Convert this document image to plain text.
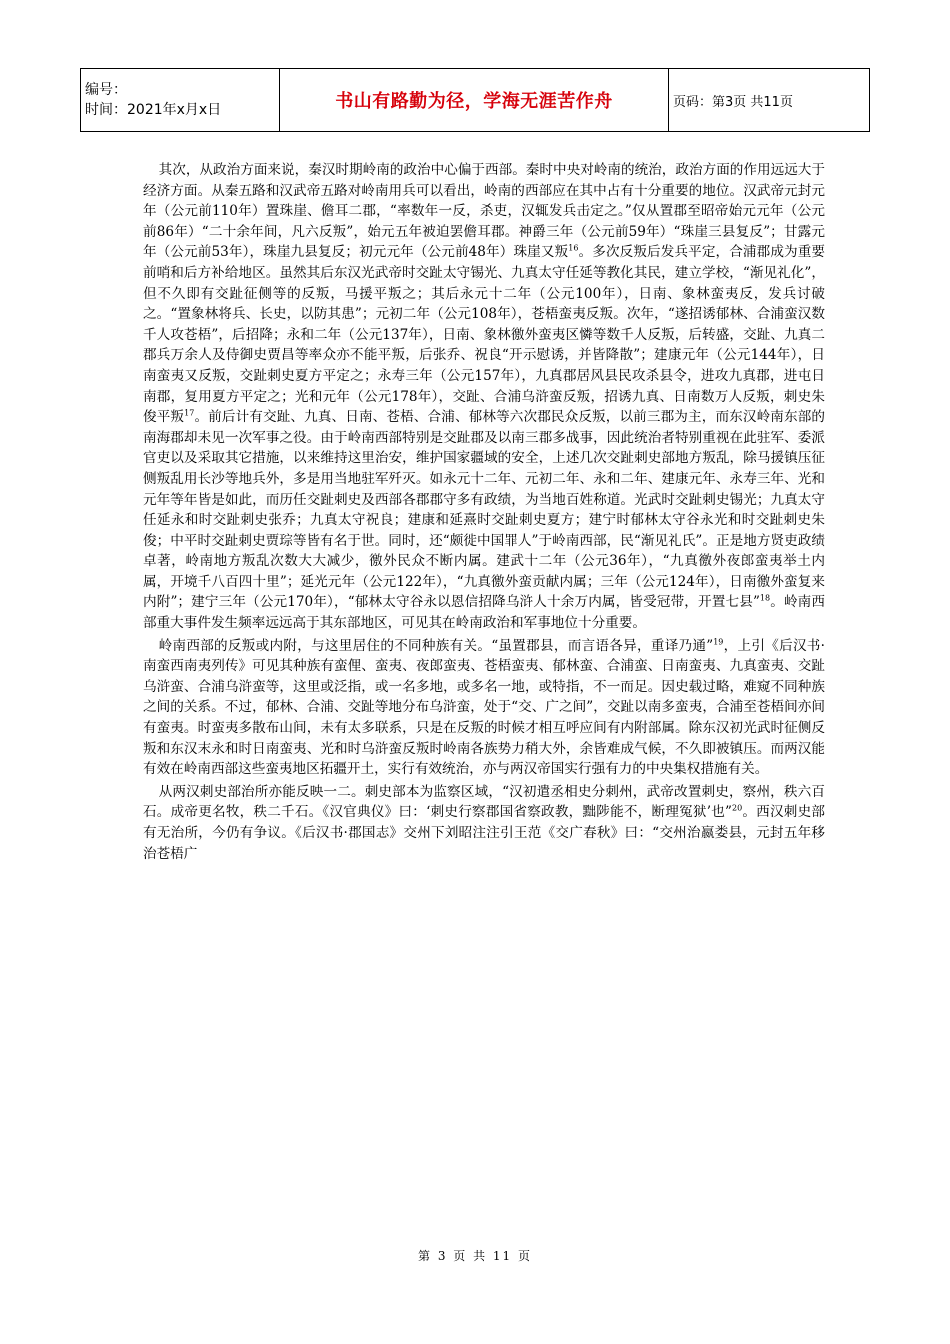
编号：
时间：2021年x月x日	书山有路勤为径，学海无涯苦作舟	页码：第3页 共11页

其次，从政治方面来说，秦汉时期岭南的政治中心偏于西部。秦时中央对岭南的统治，政治方面的作用远远大于经济方面。从秦五路和汉武帝五路对岭南用兵可以看出，岭南的西部应在其中占有十分重要的地位。汉武帝元封元年（公元前110年）置珠崖、儋耳二郡，“率数年一反，杀吏，汉辄发兵击定之。”仅从置郡至昭帝始元元年（公元前86年）“二十余年间，凡六反叛”，始元五年被迫罢儋耳郡。神爵三年（公元前59年）“珠崖三县复反”；甘露元年（公元前53年），珠崖九县复反；初元元年（公元前48年）珠崖又叛$^{16}$。多次反叛后发兵平定，合浦郡成为重要前哨和后方补给地区。虽然其后东汉光武帝时交趾太守锡光、九真太守任延等教化其民，建立学校，“渐见礼化”，但不久即有交趾征侧等的反叛，马援平叛之；其后永元十二年（公元100年），日南、象林蛮夷反，发兵讨破之。“置象林将兵、长史，以防其患”；元初二年（公元108年），苍梧蛮夷反叛。次年，“遂招诱郁林、合浦蛮汉数千人攻苍梧”，后招降；永和二年（公元137年），日南、象林徼外蛮夷区憐等数千人反叛，后转盛，交趾、九真二郡兵万余人及侍御史贾昌等率众亦不能平叛，后张乔、祝良“开示慰诱，并皆降散”；建康元年（公元144年），日南蛮夷又反叛，交趾刺史夏方平定之；永寿三年（公元157年），九真郡居风县民攻杀县令，进攻九真郡，进屯日南郡，复用夏方平定之；光和元年（公元178年），交趾、合浦乌浒蛮反叛，招诱九真、日南数万人反叛，刺史朱俊平叛$^{17}$。前后计有交趾、九真、日南、苍梧、合浦、郁林等六次郡民众反叛，以前三郡为主，而东汉岭南东部的南海郡却未见一次军事之役。由于岭南西部特别是交趾郡及以南三郡多战事，因此统治者特别重视在此驻军、委派官吏以及采取其它措施，以来维持这里治安，维护国家疆域的安全，上述几次交趾刺史部地方叛乱，除马援镇压征侧叛乱用长沙等地兵外，多是用当地驻军歼灭。如永元十二年、元初二年、永和二年、建康元年、永寿三年、光和元年等年皆是如此，而历任交趾刺史及西部各郡郡守多有政绩，为当地百姓称道。光武时交趾刺史锡光；九真太守任延永和时交趾刺史张乔；九真太守祝良；建康和延熹时交趾刺史夏方；建宁时郁林太守谷永光和时交趾刺史朱俊；中平时交趾刺史贾琮等皆有名于世。同时，还“颇徙中国罪人”于岭南西部，民“渐见礼氏”。正是地方贤吏政绩卓著，岭南地方叛乱次数大大减少，徼外民众不断内属。建武十二年（公元36年），“九真徼外夜郎蛮夷举土内属，开境千八百四十里”；延光元年（公元122年），“九真徼外蛮贡献内属；三年（公元124年），日南徼外蛮复来内附”；建宁三年（公元170年），“郁林太守谷永以恩信招降乌浒人十余万内属，皆受冠带，开置七县”$^{18}$。岭南西部重大事件发生频率远远高于其东部地区，可见其在岭南政治和军事地位十分重要。

岭南西部的反叛或内附，与这里居住的不同种族有关。“虽置郡县，而言语各异，重译乃通”$^{19}$，上引《后汉书·南蛮西南夷列传》可见其种族有蛮俚、蛮夷、夜郎蛮夷、苍梧蛮夷、郁林蛮、合浦蛮、日南蛮夷、九真蛮夷、交趾乌浒蛮、合浦乌浒蛮等，这里或泛指，或一名多地，或多名一地，或特指，不一而足。因史载过略，难窥不同种族之间的关系。不过，郁林、合浦、交趾等地分布乌浒蛮，处于“交、广之间”，交趾以南多蛮夷，合浦至苍梧间亦间有蛮夷。时蛮夷多散布山间，未有太多联系，只是在反叛的时候才相互呼应间有内附部属。除东汉初光武时征侧反叛和东汉末永和时日南蛮夷、光和时乌浒蛮反叛时岭南各族势力稍大外，余皆难成气候，不久即被镇压。而两汉能有效在岭南西部这些蛮夷地区拓疆开土，实行有效统治，亦与两汉帝国实行强有力的中央集权措施有关。

从两汉刺史部治所亦能反映一二。刺史部本为监察区域，“汉初遣丞相史分刺州，武帝改置刺史，察州，秩六百石。成帝更名牧，秩二千石。《汉官典仪》曰：‘刺史行察郡国省察政教，黜陟能不，断理冤狱’也”$^{20}$。西汉刺史部有无治所，今仍有争议。《后汉书·郡国志》交州下刘昭注注引王范《交广春秋》曰：“交州治嬴娄县，元封五年移治苍梧广

第 3 页 共 11 页
